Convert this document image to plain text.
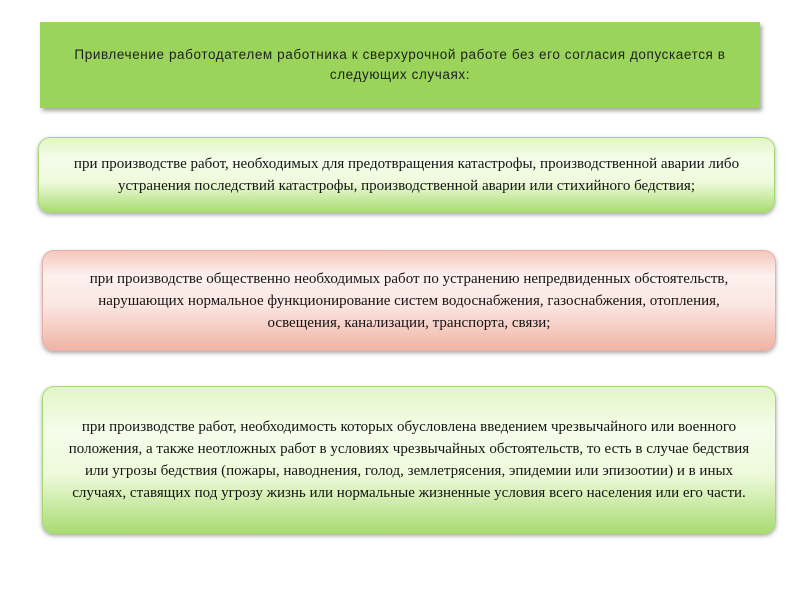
Привлечение работодателем работника к сверхурочной работе без его согласия допускается в следующих случаях:
при производстве работ, необходимых для предотвращения катастрофы, производственной аварии либо устранения последствий катастрофы, производственной аварии или стихийного бедствия;
при производстве общественно необходимых работ по устранению непредвиденных обстоятельств, нарушающих нормальное функционирование систем водоснабжения, газоснабжения, отопления, освещения, канализации, транспорта, связи;
при производстве работ, необходимость которых обусловлена введением чрезвычайного или военного положения, а также неотложных работ в условиях чрезвычайных обстоятельств, то есть в случае бедствия или угрозы бедствия (пожары, наводнения, голод, землетрясения, эпидемии или эпизоотии) и в иных случаях, ставящих под угрозу жизнь или нормальные жизненные условия всего населения или его части.
